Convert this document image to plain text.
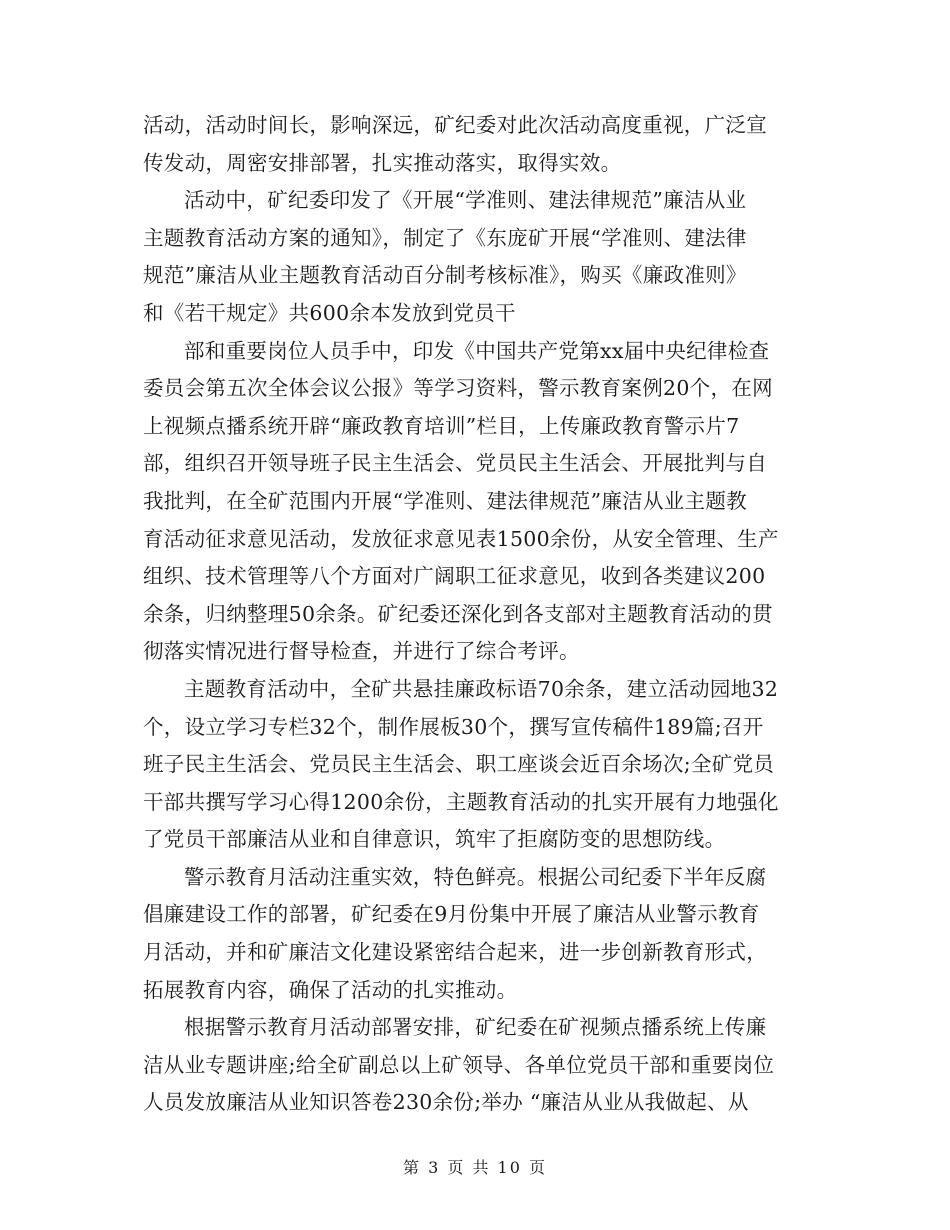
活动，活动时间长，影响深远，矿纪委对此次活动高度重视，广泛宣
传发动，周密安排部署，扎实推动落实，取得实效。

活动中，矿纪委印发了《开展“学准则、建法律规范”廉洁从业
主题教育活动方案的通知》，制定了《东庞矿开展“学准则、建法律
规范”廉洁从业主题教育活动百分制考核标准》，购买《廉政准则》
和《若干规定》共600余本发放到党员干

部和重要岗位人员手中，印发《中国共产党第xx届中央纪律检查
委员会第五次全体会议公报》等学习资料，警示教育案例20个，在网
上视频点播系统开辟“廉政教育培训”栏目，上传廉政教育警示片7
部，组织召开领导班子民主生活会、党员民主生活会、开展批判与自
我批判，在全矿范围内开展“学准则、建法律规范”廉洁从业主题教
育活动征求意见活动，发放征求意见表1500余份，从安全管理、生产
组织、技术管理等八个方面对广阔职工征求意见，收到各类建议200
余条，归纳整理50余条。矿纪委还深化到各支部对主题教育活动的贯
彻落实情况进行督导检查，并进行了综合考评。

主题教育活动中，全矿共悬挂廉政标语70余条，建立活动园地32
个，设立学习专栏32个，制作展板30个，撰写宣传稿件189篇;召开
班子民主生活会、党员民主生活会、职工座谈会近百余场次;全矿党员
干部共撰写学习心得1200余份，主题教育活动的扎实开展有力地强化
了党员干部廉洁从业和自律意识，筑牢了拒腐防变的思想防线。

警示教育月活动注重实效，特色鲜亮。根据公司纪委下半年反腐
倡廉建设工作的部署，矿纪委在9月份集中开展了廉洁从业警示教育
月活动，并和矿廉洁文化建设紧密结合起来，进一步创新教育形式，
拓展教育内容，确保了活动的扎实推动。

根据警示教育月活动部署安排，矿纪委在矿视频点播系统上传廉
洁从业专题讲座;给全矿副总以上矿领导、各单位党员干部和重要岗位
人员发放廉洁从业知识答卷230余份;举办 “廉洁从业从我做起、从

第 3 页 共 10 页
